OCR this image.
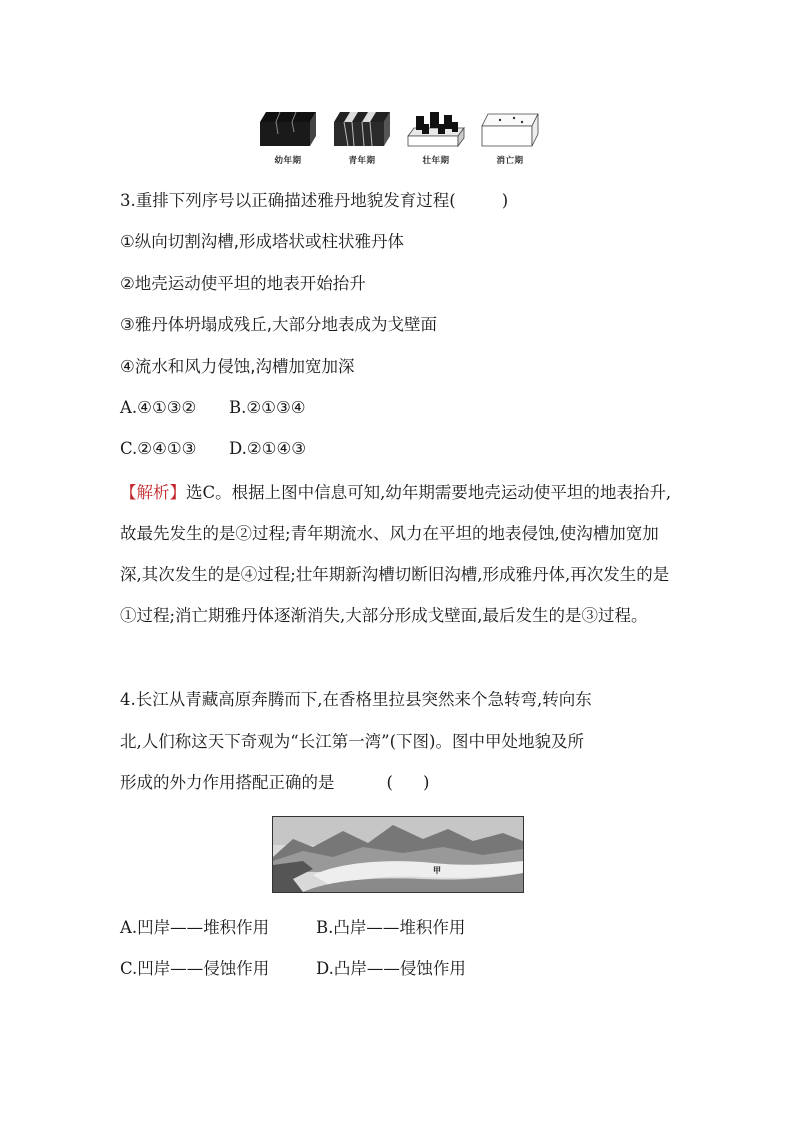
幼年期	青年期	壮年期	消亡期
3.重排下列序号以正确描述雅丹地貌发育过程(	)
①纵向切割沟槽,形成塔状或柱状雅丹体
②地壳运动使平坦的地表开始抬升
③雅丹体坍塌成残丘,大部分地表成为戈壁面
④流水和风力侵蚀,沟槽加宽加深
A.④①③② B.②①③④
C.②④①③ D.②①④③
【解析】选C。根据上图中信息可知,幼年期需要地壳运动使平坦的地表抬升,故最先发生的是②过程;青年期流水、风力在平坦的地表侵蚀,使沟槽加宽加深,其次发生的是④过程;壮年期新沟槽切断旧沟槽,形成雅丹体,再次发生的是①过程;消亡期雅丹体逐渐消失,大部分形成戈壁面,最后发生的是③过程。
4.长江从青藏高原奔腾而下,在香格里拉县突然来个急转弯,转向东
北,人们称这天下奇观为“长江第一湾”(下图)。图中甲处地貌及所
形成的外力作用搭配正确的是	( )
甲
A.凹岸——堆积作用	B.凸岸——堆积作用
C.凹岸——侵蚀作用	D.凸岸——侵蚀作用
